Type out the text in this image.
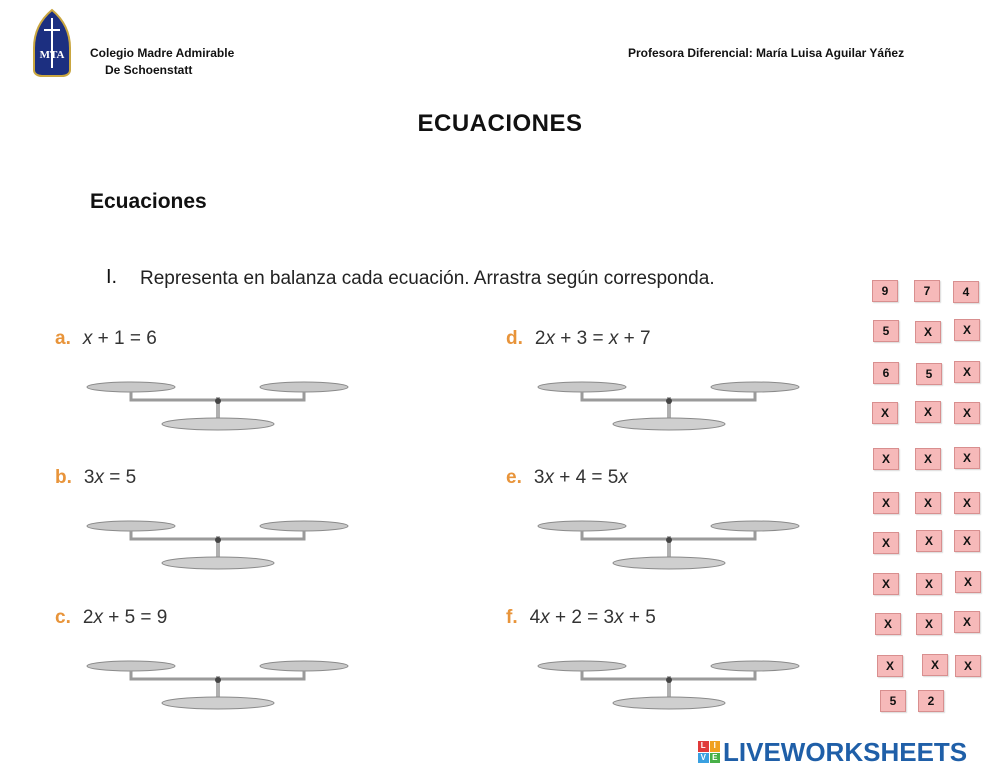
MTA Colegio Madre Admirable
De Schoenstatt
Profesora Diferencial: María Luisa Aguilar Yáñez
ECUACIONES
Ecuaciones
I. Representa en balanza cada ecuación. Arrastra según corresponda.
a. x + 1 = 6
b. 3x = 5
c. 2x + 5 = 9
d. 2x + 3 = x + 7
e. 3x + 4 = 5x
f. 4x + 2 = 3x + 5
9	7	4
5	X	X
6	5	X
X	X	X
X	X	X
X	X	X
X	X	X
X	X	X
X	X	X
X	X	X
5	2
L I
V E LIVEWORKSHEETS
